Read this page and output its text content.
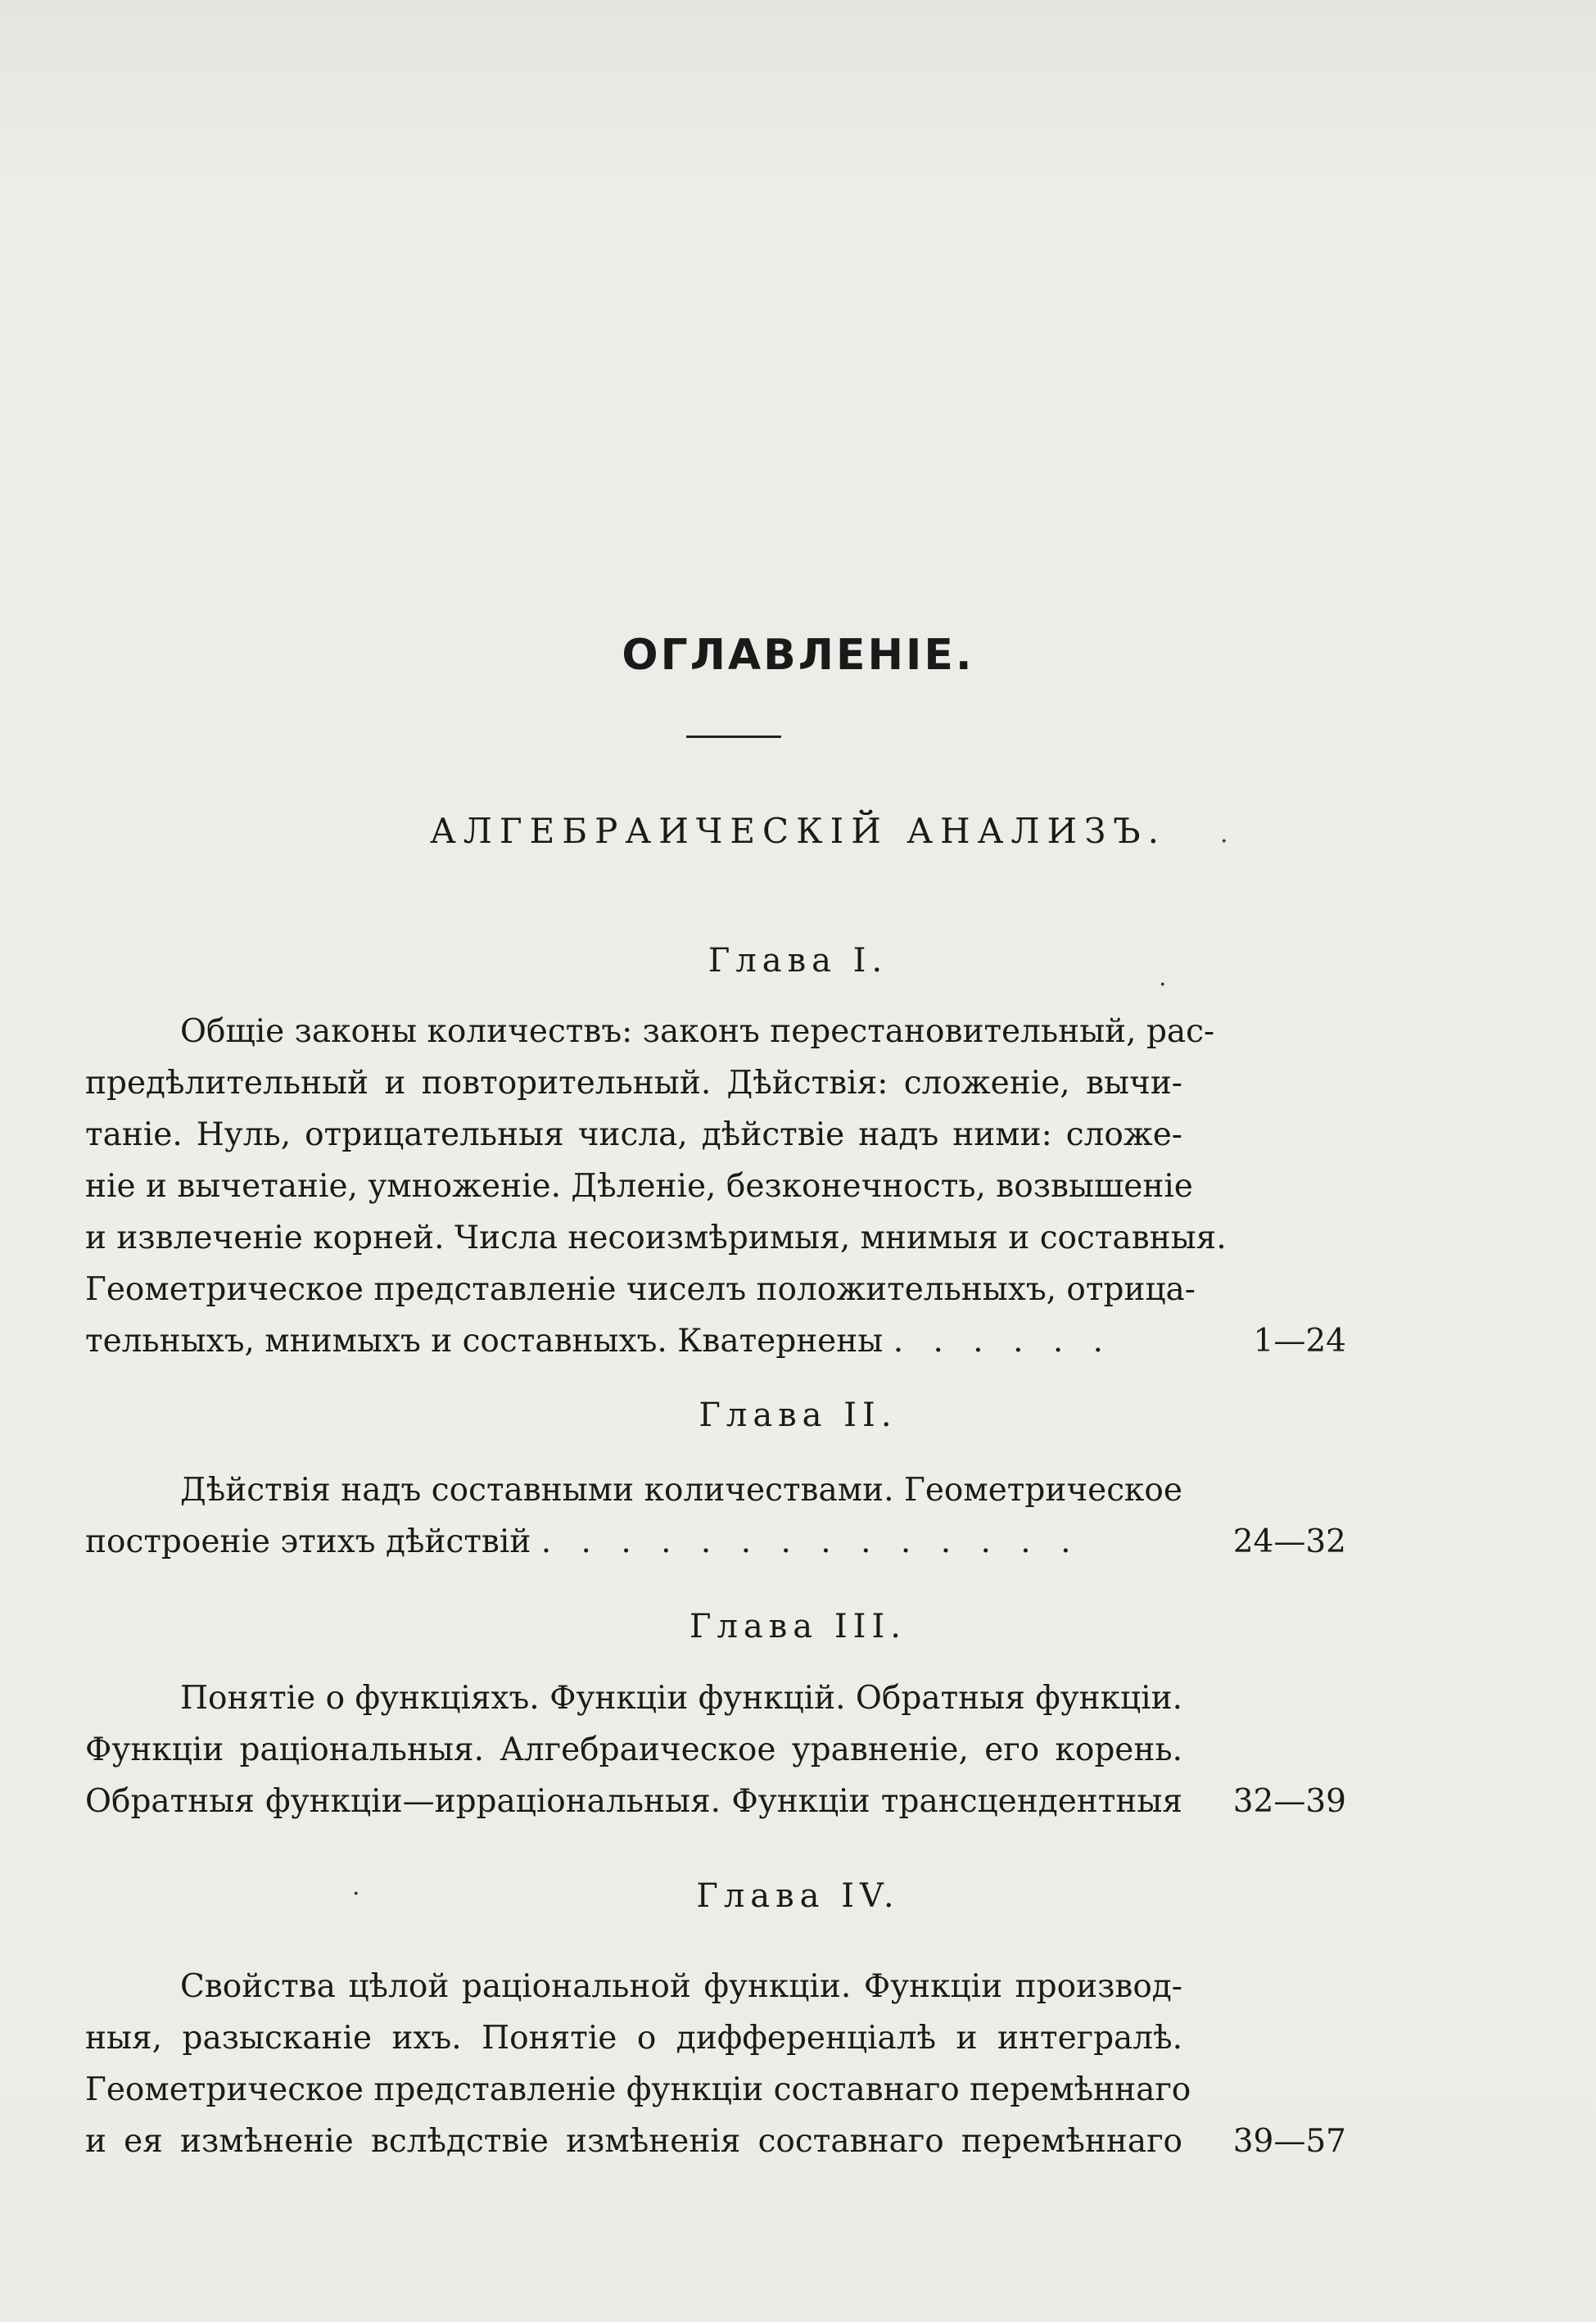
ОГЛАВЛЕНІЕ.
АЛГЕБРАИЧЕСКІЙ АНАЛИЗЪ.
Глава I.
Общіе законы количествъ: законъ перестановительный, рас-
предѣлительный и повторительный. Дѣйствія: сложеніе, вычи-
таніе. Нуль, отрицательныя числа, дѣйствіе надъ ними: сложе-
ніе и вычетаніе, умноженіе. Дѣленіе, безконечность, возвышеніе
и извлеченіе корней. Числа несоизмѣримыя, мнимыя и составныя.
Геометрическое представленіе чиселъ положительныхъ, отрица-
тельныхъ, мнимыхъ и составныхъ. Кватернены . . . . . .	1—24
Глава II.
Дѣйствія надъ составными количествами. Геометрическое
построеніе этихъ дѣйствій . . . . . . . . . . . . . .	24—32
Глава III.
Понятіе о функціяхъ. Функціи функцій. Обратныя функціи.
Функціи раціональныя. Алгебраическое уравненіе, его корень.
Обратныя функціи—ирраціональныя. Функціи трансцендентныя 32—39
Глава IV.
Свойства цѣлой раціональной функціи. Функціи производ-
ныя, разысканіе ихъ. Понятіе о дифференціалѣ и интегралѣ.
Геометрическое представленіе функціи составнаго перемѣннаго
и ея измѣненіе вслѣдствіе измѣненія составнаго перемѣннаго 39—57
·
·
·
